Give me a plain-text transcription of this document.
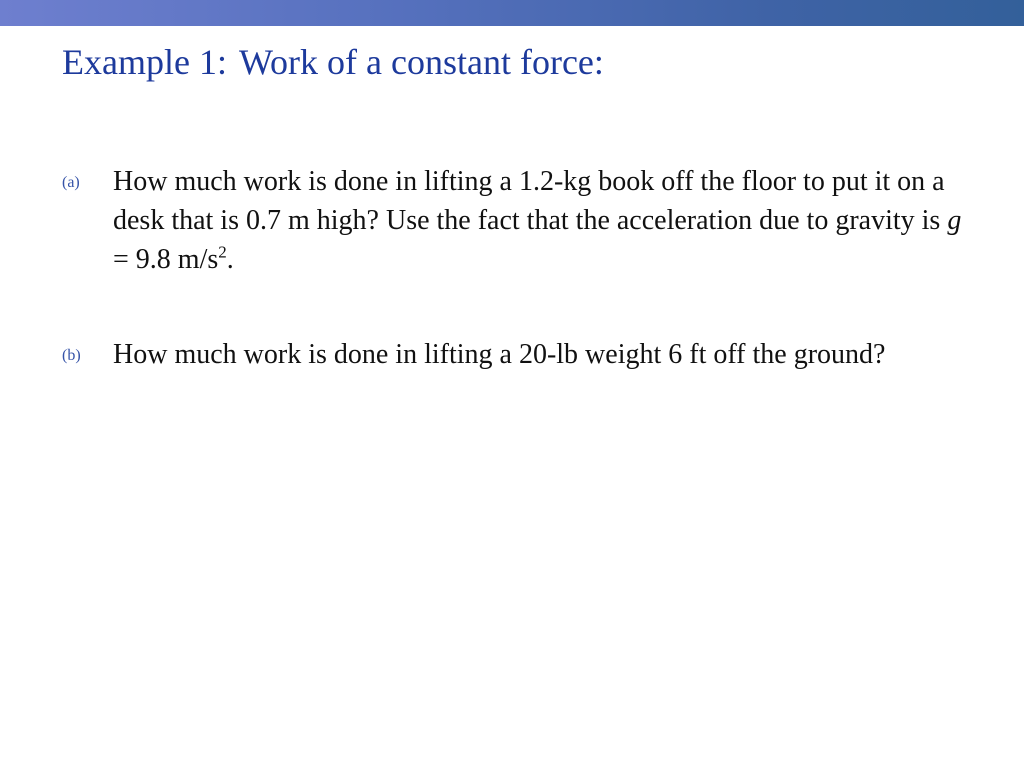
Example 1: Work of a constant force:
(a) How much work is done in lifting a 1.2-kg book off the floor to put it on a desk that is 0.7 m high? Use the fact that the acceleration due to gravity is g = 9.8 $m/s^2$.
(b) How much work is done in lifting a 20-lb weight 6 ft off the ground?
